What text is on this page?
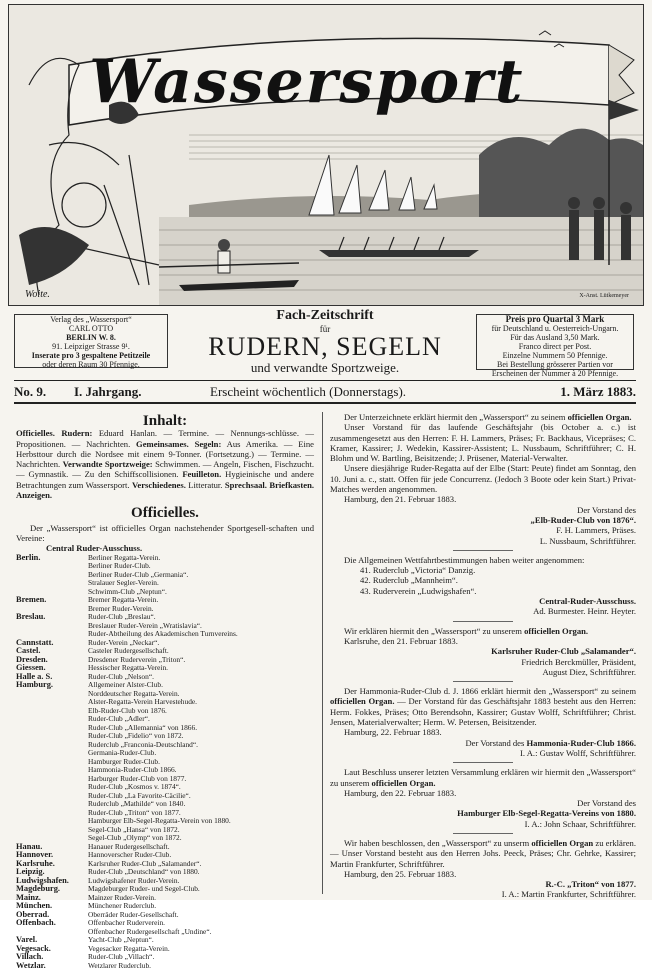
Wassersport
Woite.	X-Anst. Lütkemeyer
Verlag des „Wassersport“
CARL OTTO
BERLIN W. 8.
91. Leipziger Strasse 9¹.
Inserate pro 3 gespaltene Petitzeile
oder deren Raum 30 Pfennige.
Fach-Zeitschrift
für
RUDERN, SEGELN
und verwandte Sportzweige.
Preis pro Quartal 3 Mark
für Deutschland u. Oesterreich-Ungarn.
Für das Ausland 3,50 Mark.
Franco direct per Post.
Einzelne Nummern 50 Pfennige.
Bei Bestellung grösserer Partien vor
Erscheinen der Nummer à 20 Pfennige.
No. 9. I. Jahrgang.	Erscheint wöchentlich (Donnerstags).	1. März 1883.
Inhalt:

Officielles. Rudern: Eduard Hanlan. — Termine. — Nennungs-schlüsse. — Propositionen. — Nachrichten. Gemeinsames. Segeln: Aus Amerika. — Eine Herbsttour durch die Nordsee mit einem 9-Tonner. (Fortsetzung.) — Termine. — Nachrichten. Verwandte Sportzweige: Schwimmen. — Angeln, Fischen, Fischzucht. — Gymnastik. — Zu den Schiffscollisionen. Feuilleton. Hygieinische und andere Betrachtungen zum Wassersport. Verschiedenes. Litteratur. Sprechsaal. Briefkasten. Anzeigen.

Officielles.

Der „Wassersport“ ist officielles Organ nachstehender Sportgesell-schaften und Vereine:

Central Ruder-Ausschuss.

Berlin.	Berliner Regatta-Verein.
Berliner Ruder-Club.
Berliner Ruder-Club „Germania“.
Stralauer Segler-Verein.
Schwimm-Club „Neptun“.
Bremen.	Bremer Regatta-Verein.
Bremer Ruder-Verein.
Breslau.	Ruder-Club „Breslau“.
Breslauer Ruder-Verein „Wratislavia“.
Ruder-Abtheilung des Akademischen Turnvereins.
Cannstatt.	Ruder-Verein „Neckar“.
Castel.	Casteler Rudergesellschaft.
Dresden.	Dresdener Ruderverein „Triton“.
Giessen.	Hessischer Regatta-Verein.
Halle a. S.	Ruder-Club „Nelson“.
Hamburg.	Allgemeiner Alster-Club.
Norddeutscher Regatta-Verein.
Alster-Regatta-Verein Harvestehude.
Elb-Ruder-Club von 1876.
Ruder-Club „Adler“.
Ruder-Club „Allemannia“ von 1866.
Ruder-Club „Fidelio“ von 1872.
Ruderclub „Franconia-Deutschland“.
Germania-Ruder-Club.
Hamburger Ruder-Club.
Hammonia-Ruder-Club 1866.
Harburger Ruder-Club von 1877.
Ruder-Club „Kosmos v. 1874“.
Ruder-Club „La Favorite-Cäcilie“.
Ruderclub „Mathilde“ von 1840.
Ruder-Club „Triton“ von 1877.
Hamburger Elb-Segel-Regatta-Verein von 1880.
Segel-Club „Hansa“ von 1872.
Segel-Club „Olymp“ von 1872.
Hanau.	Hanauer Rudergesellschaft.
Hannover.	Hannoverscher Ruder-Club.
Karlsruhe.	Karlsruher Ruder-Club „Salamander“.
Leipzig.	Ruder-Club „Deutschland“ von 1880.
Ludwigshafen.	Ludwigshafener Ruder-Verein.
Magdeburg.	Magdeburger Ruder- und Segel-Club.
Mainz.	Mainzer Ruder-Verein.
München.	Münchener Ruderclub.
Oberrad.	Oberräder Ruder-Gesellschaft.
Offenbach.	Offenbacher Ruderverein.
Offenbacher Rudergesellschaft „Undine“.
Varel.	Yacht-Club „Neptun“.
Vegesack.	Vegesacker Regatta-Verein.
Villach.	Ruder-Club „Villach“.
Wetzlar.	Wetzlarer Ruderclub.

Der Unterzeichnete erklärt hiermit den „Wassersport“ zu seinem officiellen Organ.

Unser Vorstand für das laufende Geschäftsjahr (bis October a. c.) ist zusammengesetzt aus den Herren: F. H. Lammers, Präses; Fr. Backhaus, Vicepräses; C. Kramer, Kassirer; J. Wedekin, Kassirer-Assistent; L. Nussbaum, Schriftführer; C. H. Blohm und W. Bartling, Beisitzende; J. Prüsener, Material-Verwalter.

Unsere diesjährige Ruder-Regatta auf der Elbe (Start: Peute) findet am Sonntag, den 10. Juni a. c., statt. Offen für jede Concurrenz. (Jedoch 3 Boote oder kein Start.) Privat-Matches werden angenommen.

Hamburg, den 21. Februar 1883.

Der Vorstand des

„Elb-Ruder-Club von 1876“.

F. H. Lammers, Präses.

L. Nussbaum, Schriftführer.

Die Allgemeinen Wettfahrtbestimmungen haben weiter angenommen:

41. Ruderclub „Victoria“ Danzig.

42. Ruderclub „Mannheim“.

43. Ruderverein „Ludwigshafen“.

Central-Ruder-Ausschuss.

Ad. Burmester. Heinr. Heyter.

Wir erklären hiermit den „Wassersport“ zu unserem officiellen Organ.

Karlsruhe, den 21. Februar 1883.

Karlsruher Ruder-Club „Salamander“.

Friedrich Berckmüller, Präsident,

August Diez, Schriftführer.

Der Hammonia-Ruder-Club d. J. 1866 erklärt hiermit den „Wassersport“ zu seinem officiellen Organ. — Der Vorstand für das Geschäftsjahr 1883 besteht aus den Herren: Herm. Fokkes, Präses; Otto Berendsohn, Kassirer; Gustav Wolff, Schriftführer; Christ. Jensen, Materialverwalter; Herm. W. Petersen, Beisitzender.

Hamburg, 22. Februar 1883.

Der Vorstand des Hammonia-Ruder-Club 1866.

I. A.: Gustav Wolff, Schriftführer.

Laut Beschluss unserer letzten Versammlung erklären wir hiermit den „Wassersport“ zu unserem officiellen Organ.

Hamburg, den 22. Februar 1883.

Der Vorstand des

Hamburger Elb-Segel-Regatta-Vereins von 1880.

I. A.: John Schaar, Schriftführer.

Wir haben beschlossen, den „Wassersport“ zu unserm officiellen Organ zu erklären. — Unser Vorstand besteht aus den Herren Johs. Peeck, Präses; Chr. Gehrke, Kassirer; Martin Frankfurter, Schriftführer.

Hamburg, den 25. Februar 1883.

R.-C. „Triton“ von 1877.

I. A.: Martin Frankfurter, Schriftführer.
